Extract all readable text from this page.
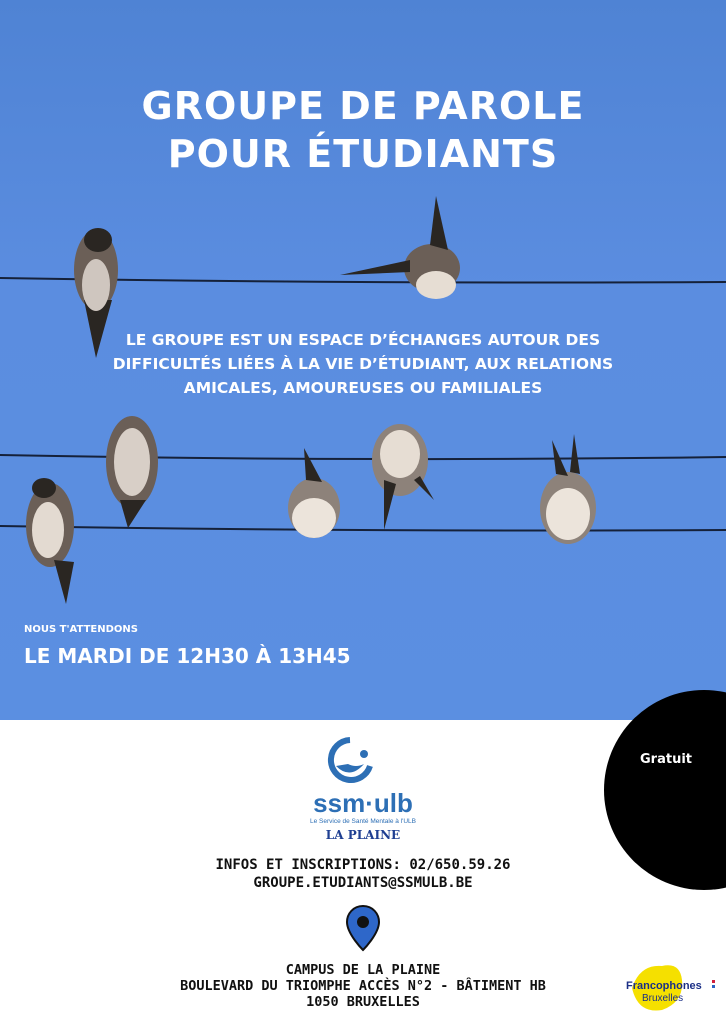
GROUPE DE PAROLE
POUR ÉTUDIANTS
LE GROUPE EST UN ESPACE D’ÉCHANGES AUTOUR DES
DIFFICULTÉS LIÉES À LA VIE D’ÉTUDIANT, AUX RELATIONS
AMICALES, AMOUREUSES OU FAMILIALES
NOUS T'ATTENDONS
LE MARDI DE 12H30 À 13H45
Gratuit
ssm·ulb
Le Service de Santé Mentale à l'ULB
LA PLAINE
INFOS ET INSCRIPTIONS: 02/650.59.26
GROUPE.ETUDIANTS@SSMULB.BE
CAMPUS DE LA PLAINE
BOULEVARD DU TRIOMPHE ACCÈS N°2 - BÂTIMENT HB
1050 BRUXELLES
Francophones
Bruxelles
